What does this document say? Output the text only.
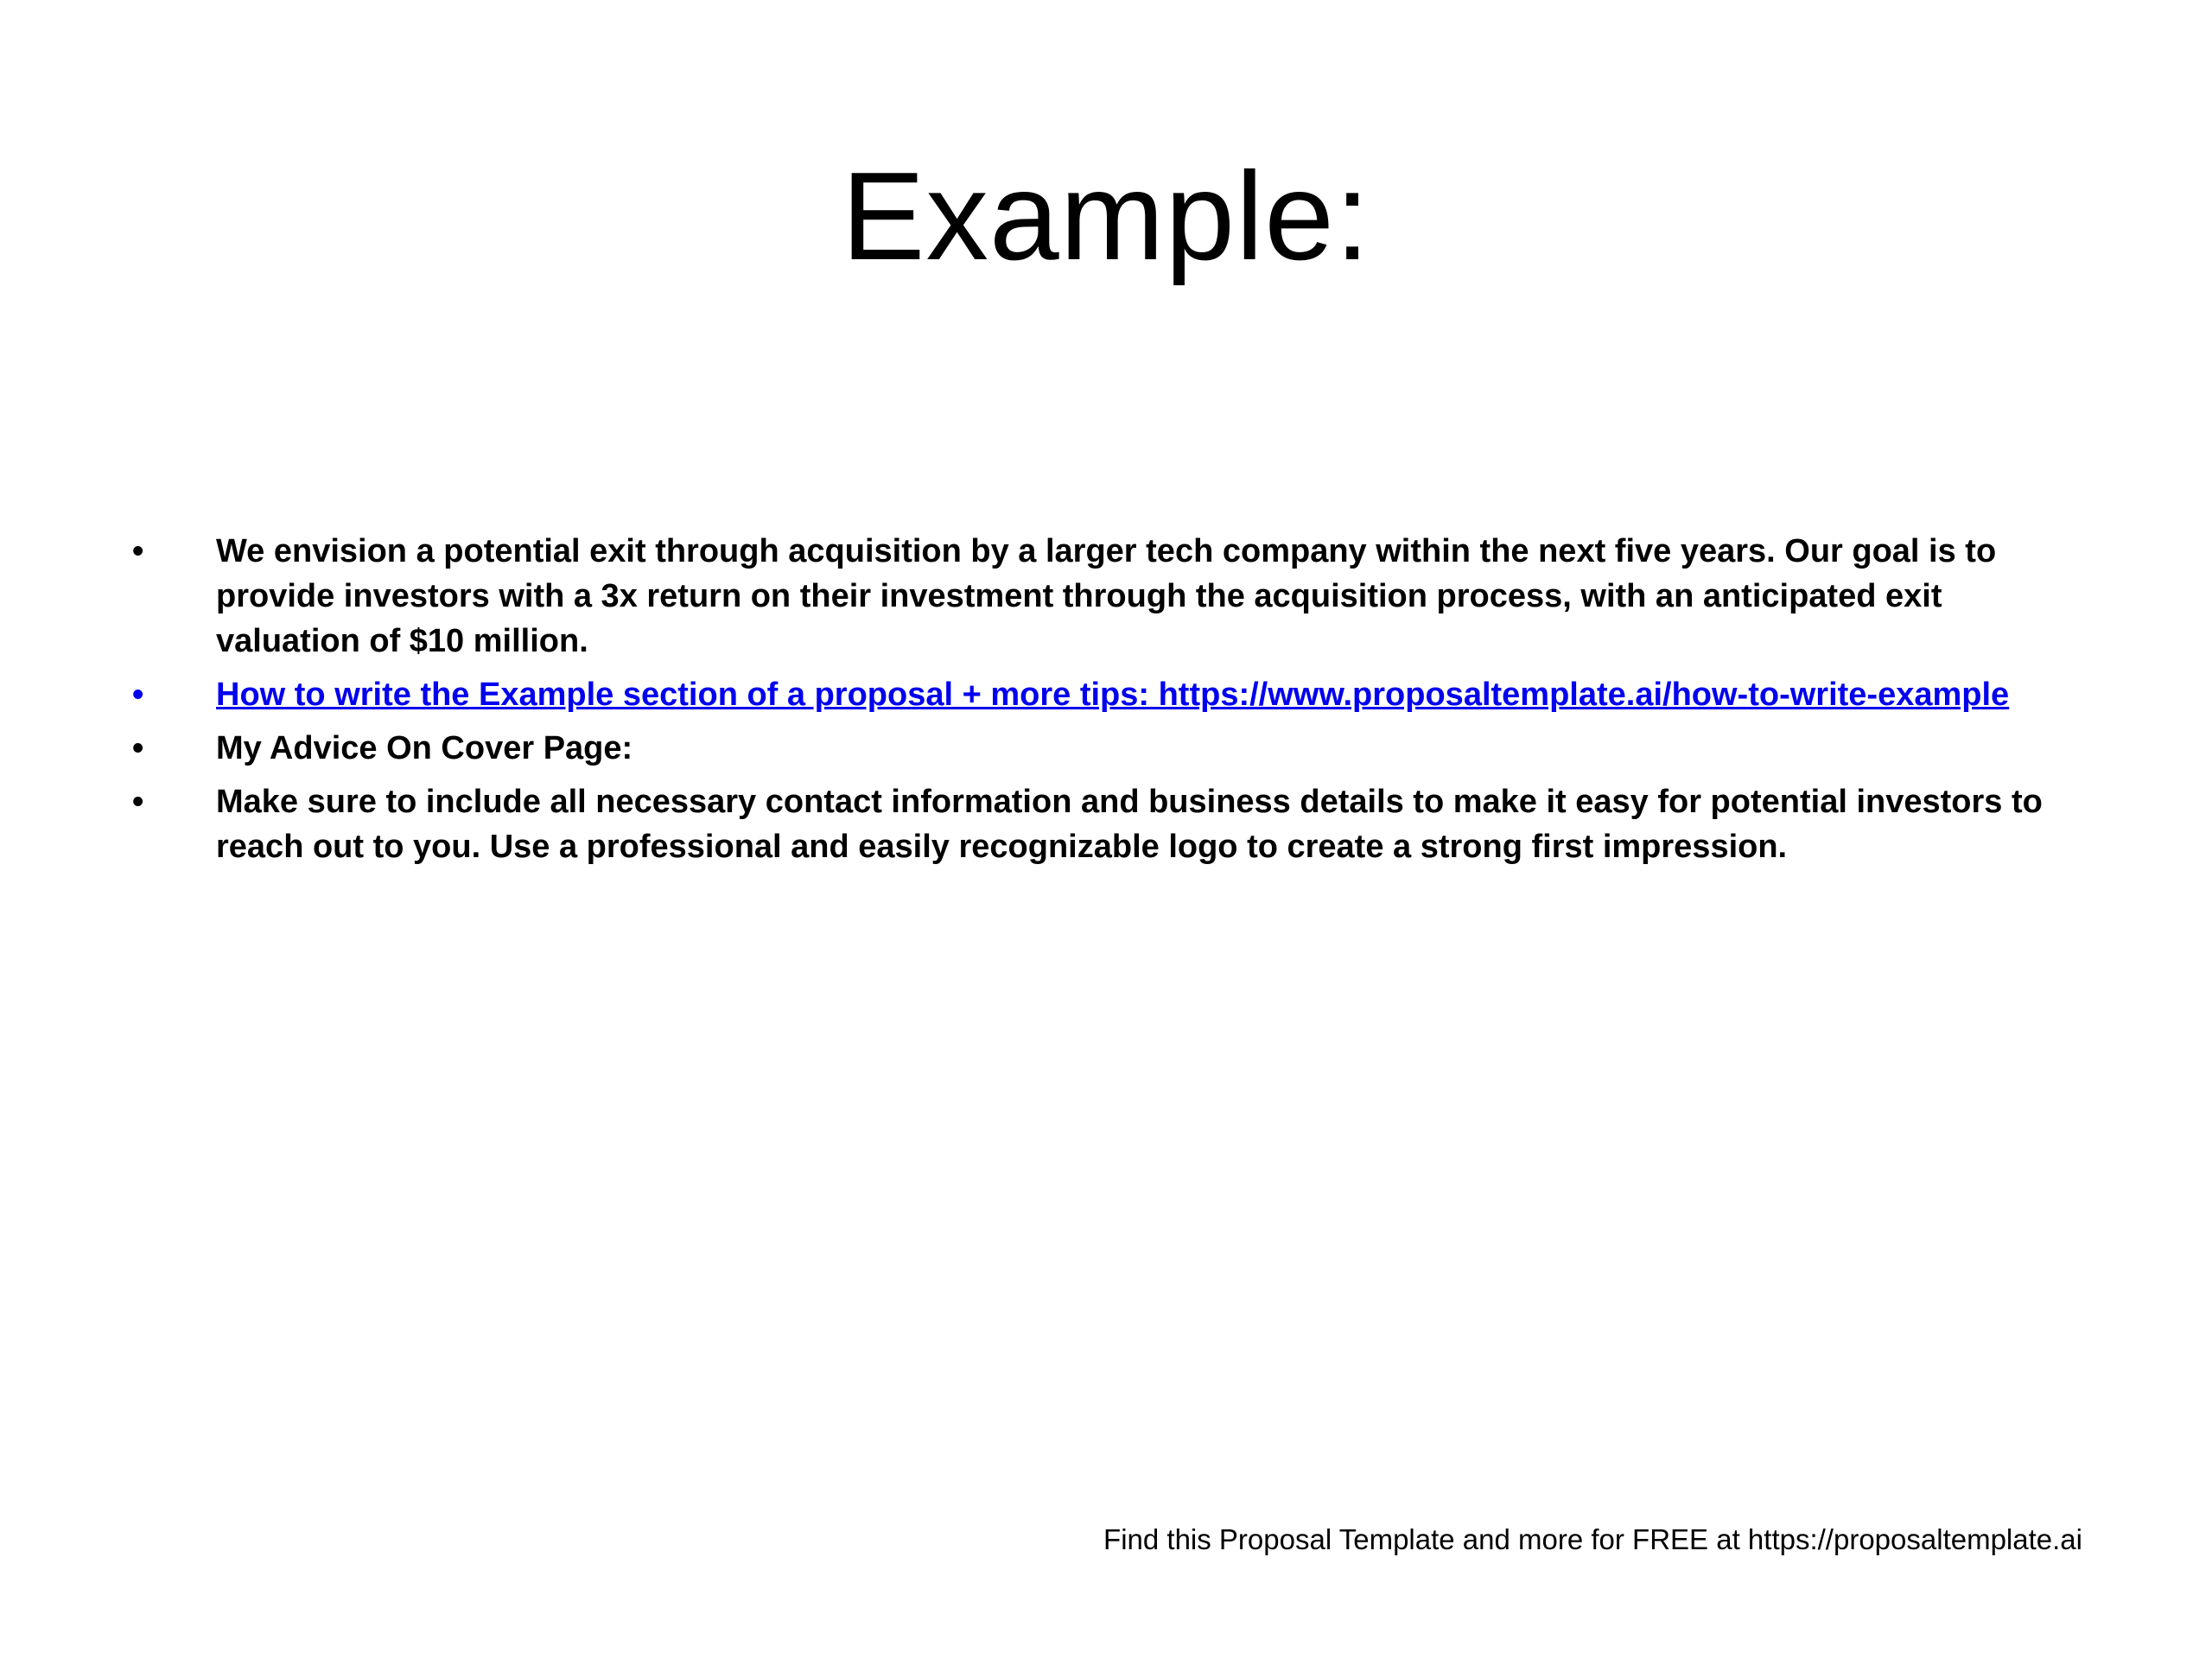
Example:
• We envision a potential exit through acquisition by a larger tech company within the next five years. Our goal is to provide investors with a 3x return on their investment through the acquisition process, with an anticipated exit valuation of $10 million.
• How to write the Example section of a proposal + more tips: https://www.proposaltemplate.ai/how-to-write-example
• My Advice On Cover Page:
• Make sure to include all necessary contact information and business details to make it easy for potential investors to reach out to you. Use a professional and easily recognizable logo to create a strong first impression.
Find this Proposal Template and more for FREE at https://proposaltemplate.ai
